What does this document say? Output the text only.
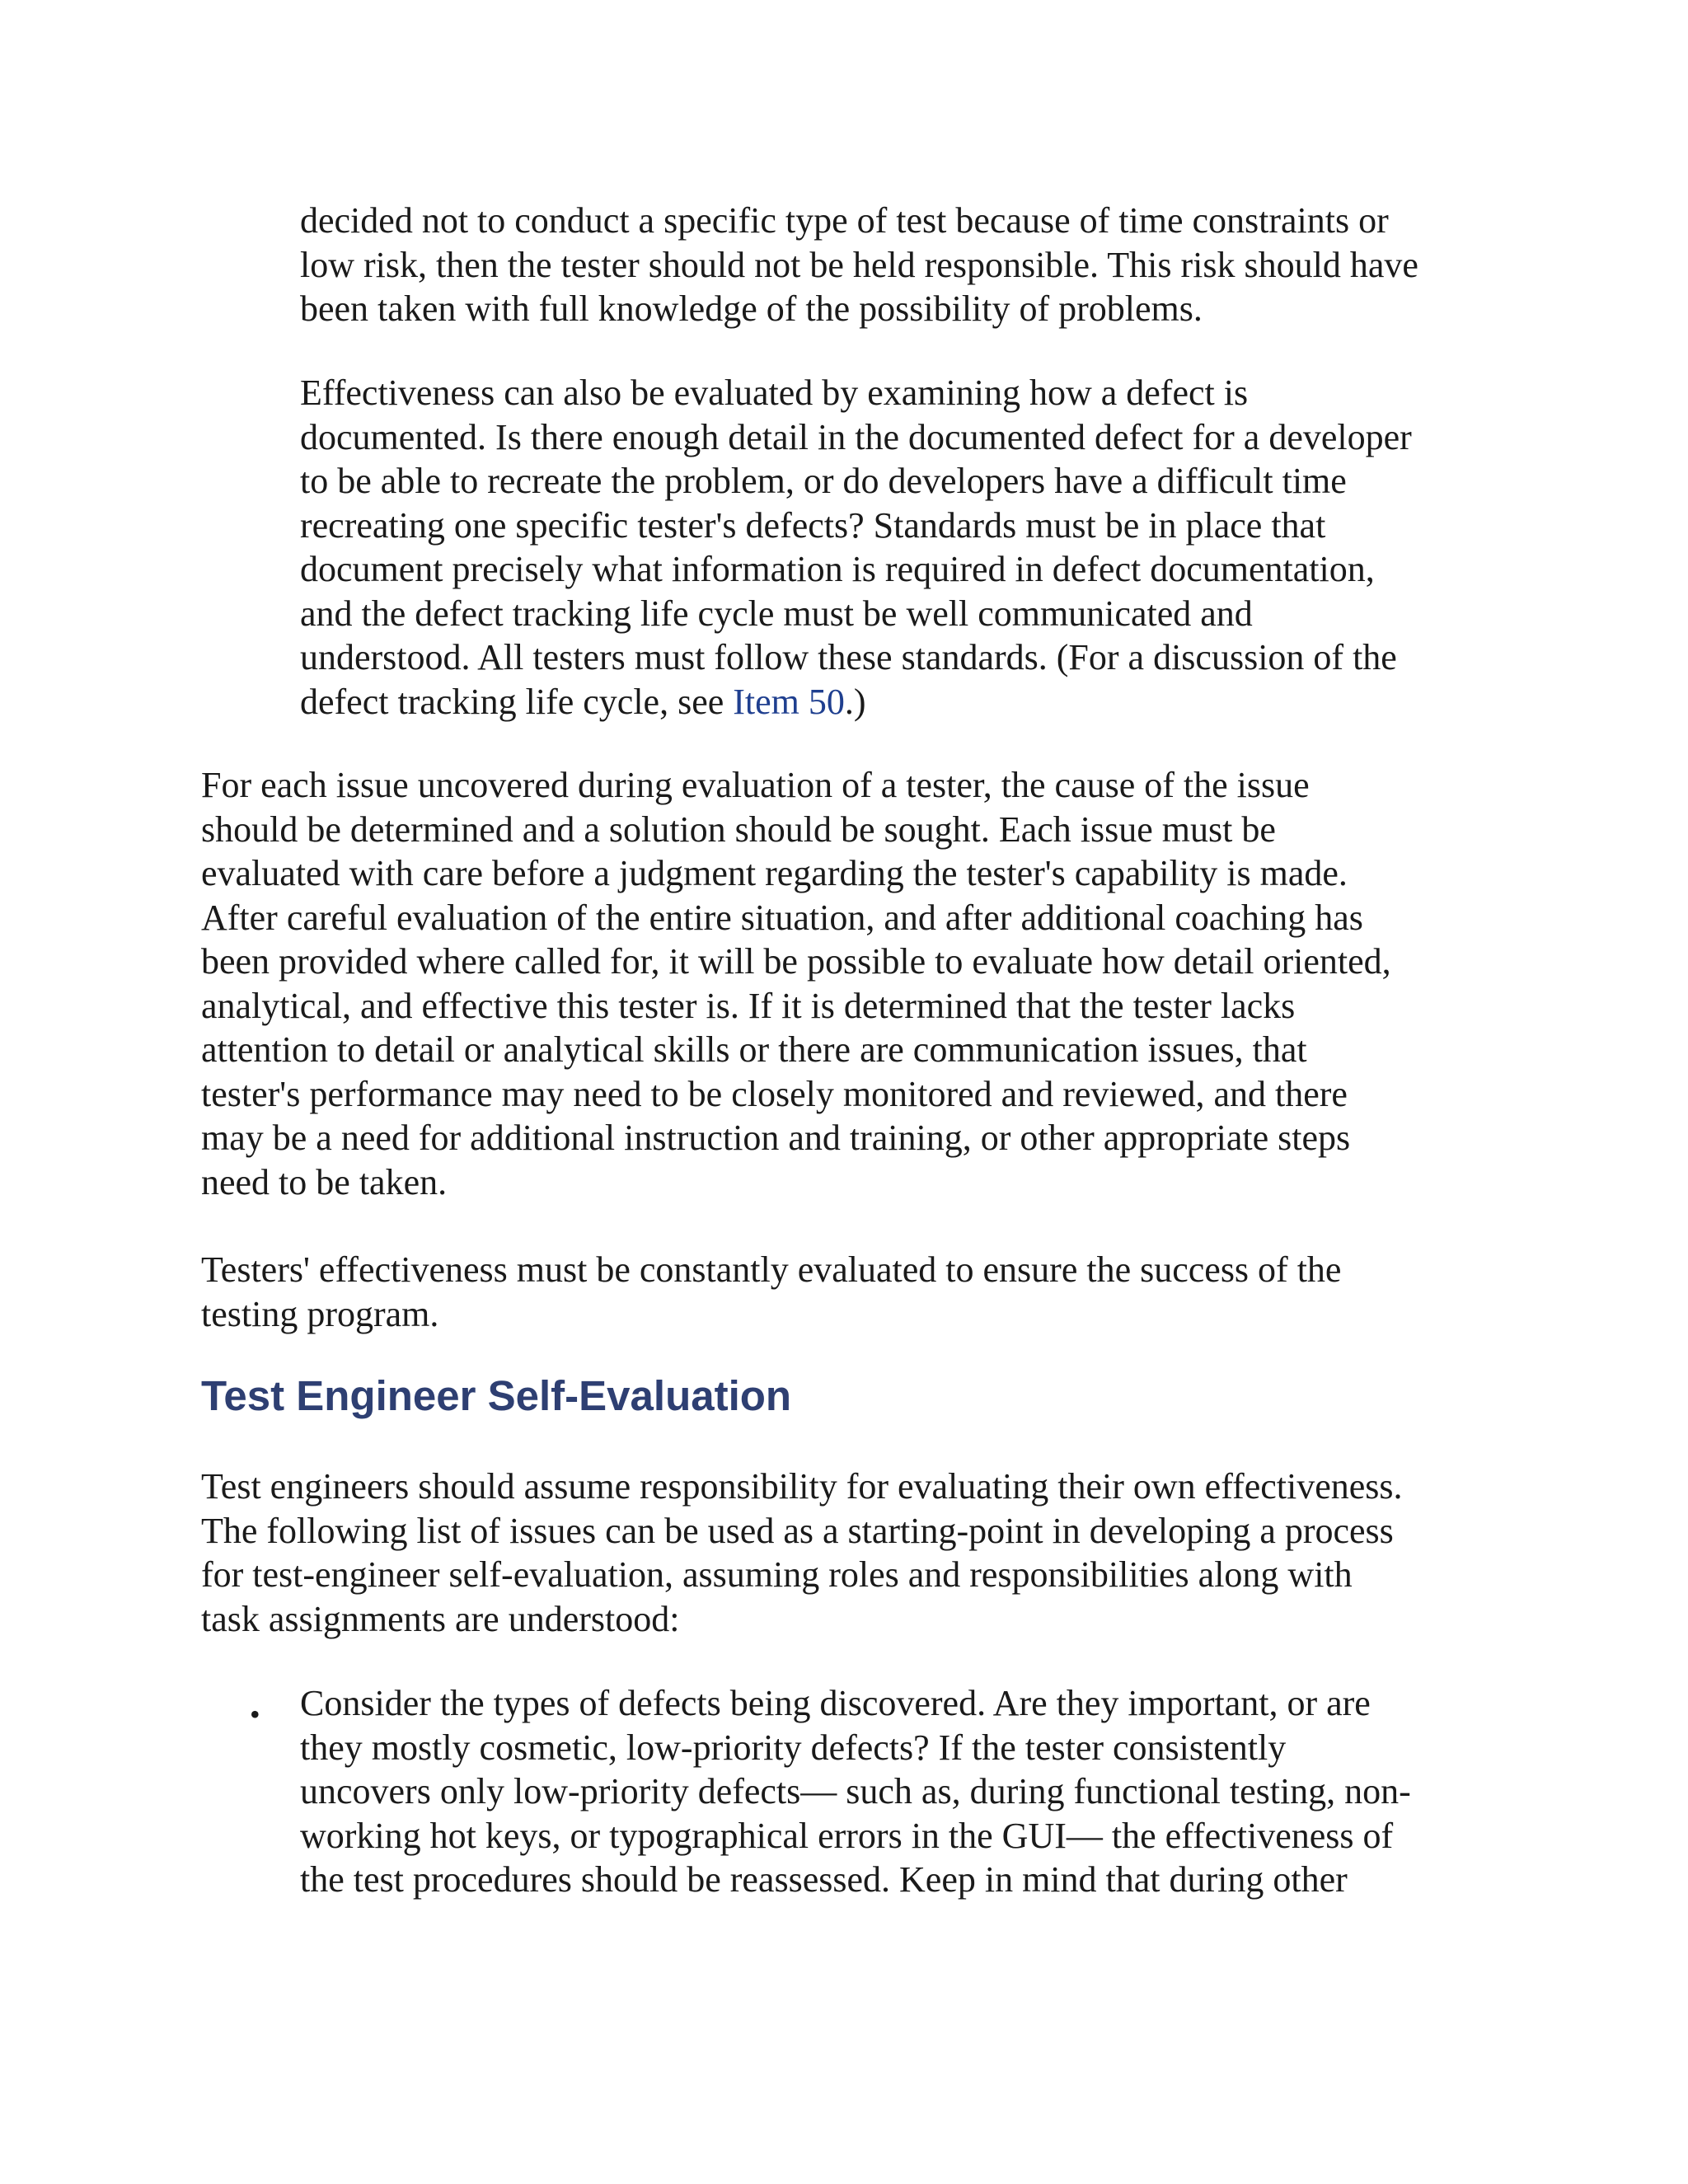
decided not to conduct a specific type of test because of time constraints or
low risk, then the tester should not be held responsible. This risk should have
been taken with full knowledge of the possibility of problems.
Effectiveness can also be evaluated by examining how a defect is
documented. Is there enough detail in the documented defect for a developer
to be able to recreate the problem, or do developers have a difficult time
recreating one specific tester's defects? Standards must be in place that
document precisely what information is required in defect documentation,
and the defect tracking life cycle must be well communicated and
understood. All testers must follow these standards. (For a discussion of the
defect tracking life cycle, see Item 50.)
For each issue uncovered during evaluation of a tester, the cause of the issue
should be determined and a solution should be sought. Each issue must be
evaluated with care before a judgment regarding the tester's capability is made.
After careful evaluation of the entire situation, and after additional coaching has
been provided where called for, it will be possible to evaluate how detail oriented,
analytical, and effective this tester is. If it is determined that the tester lacks
attention to detail or analytical skills or there are communication issues, that
tester's performance may need to be closely monitored and reviewed, and there
may be a need for additional instruction and training, or other appropriate steps
need to be taken.
Testers' effectiveness must be constantly evaluated to ensure the success of the
testing program.
Test Engineer Self-Evaluation
Test engineers should assume responsibility for evaluating their own effectiveness.
The following list of issues can be used as a starting-point in developing a process
for test-engineer self-evaluation, assuming roles and responsibilities along with
task assignments are understood:
• Consider the types of defects being discovered. Are they important, or are
they mostly cosmetic, low-priority defects? If the tester consistently
uncovers only low-priority defects— such as, during functional testing, non-
working hot keys, or typographical errors in the GUI— the effectiveness of
the test procedures should be reassessed. Keep in mind that during other
